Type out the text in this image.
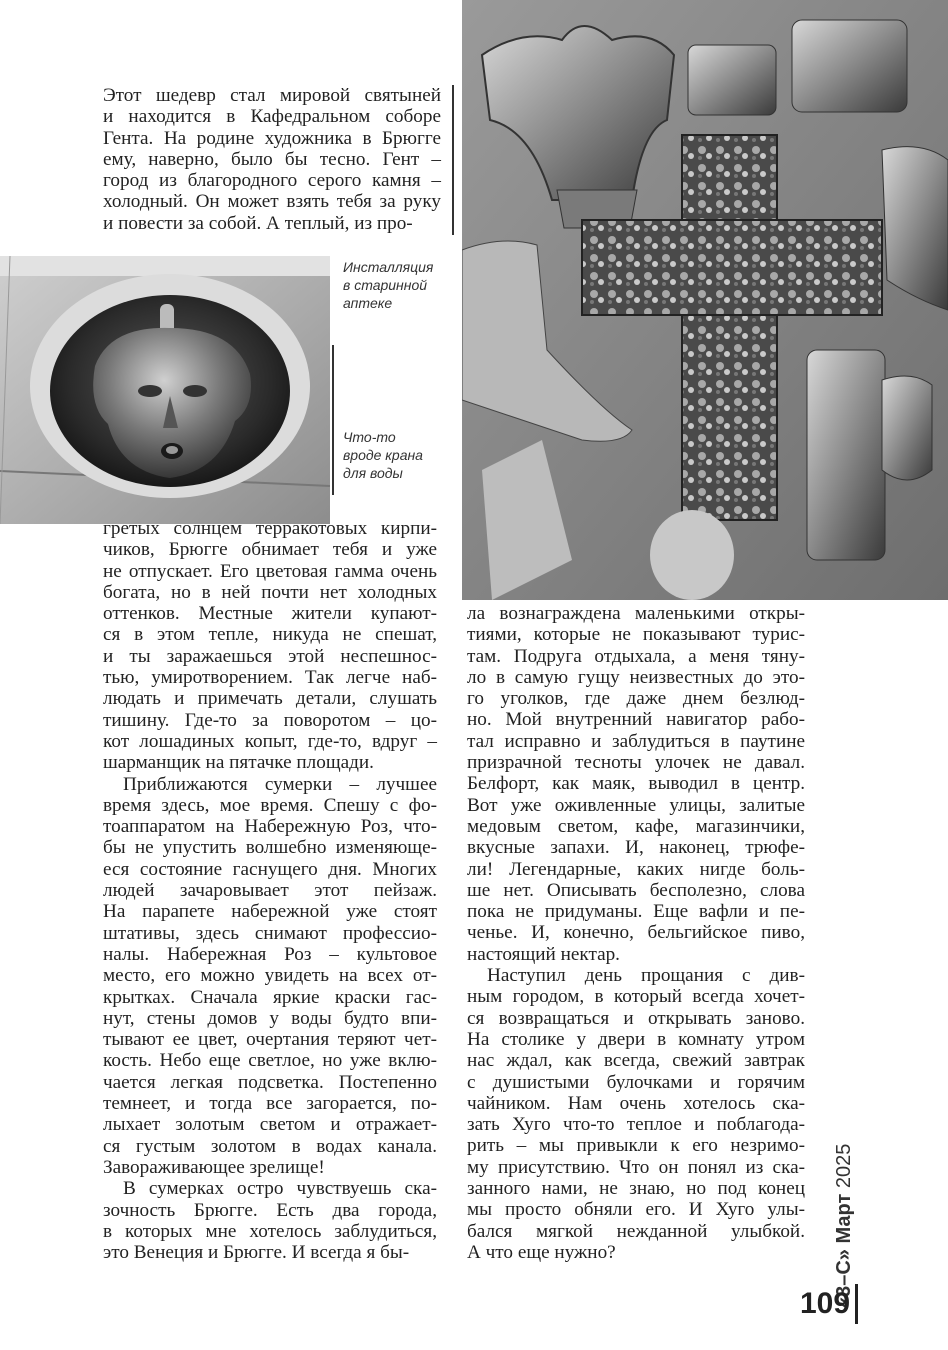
Этот шедевр стал мировой святыней

и находится в Кафедральном соборе

Гента. На родине художника в Брюгге

ему, наверно, было бы тесно. Гент –

город из благородного серого камня –

холодный. Он может взять тебя за руку

и повести за собой. А теплый, из про-

Инсталляция
в старинной
аптеке
Что-то
вроде крана
для воды

гретых солнцем терракотовых кирпи-

чиков, Брюгге обнимает тебя и уже

не отпускает. Его цветовая гамма очень

богата, но в ней почти нет холодных

оттенков. Местные жители купают-

ся в этом тепле, никуда не спешат,

и ты заражаешься этой неспешнос-

тью, умиротворением. Так легче наб-

людать и примечать детали, слушать

тишину. Где-то за поворотом – цо-

кот лошадиных копыт, где-то, вдруг –

шарманщик на пятачке площади.

Приближаются сумерки – лучшее

время здесь, мое время. Спешу с фо-

тоаппаратом на Набережную Роз, что-

бы не упустить волшебно изменяюще-

еся состояние гаснущего дня. Многих

людей зачаровывает этот пейзаж.

На парапете набережной уже стоят

штативы, здесь снимают профессио-

налы. Набережная Роз – культовое

место, его можно увидеть на всех от-

крытках. Сначала яркие краски гас-

нут, стены домов у воды будто впи-

тывают ее цвет, очертания теряют чет-

кость. Небо еще светлое, но уже вклю-

чается легкая подсветка. Постепенно

темнеет, и тогда все загорается, по-

лыхает золотым светом и отражает-

ся густым золотом в водах канала.

Завораживающее зрелище!

В сумерках остро чувствуешь ска-

зочность Брюгге. Есть два города,

в которых мне хотелось заблудиться,

это Венеция и Брюгге. И всегда я бы-

ла вознаграждена маленькими откры-

тиями, которые не показывают турис-

там. Подруга отдыхала, а меня тяну-

ло в самую гущу неизвестных до это-

го уголков, где даже днем безлюд-

но. Мой внутренний навигатор рабо-

тал исправно и заблудиться в паутине

призрачной тесноты улочек не давал.

Белфорт, как маяк, выводил в центр.

Вот уже оживленные улицы, залитые

медовым светом, кафе, магазинчики,

вкусные запахи. И, наконец, трюфе-

ли! Легендарные, каких нигде боль-

ше нет. Описывать бесполезно, слова

пока не придуманы. Еще вафли и пе-

ченье. И, конечно, бельгийское пиво,

настоящий нектар.

Наступил день прощания с див-

ным городом, в который всегда хочет-

ся возвращаться и открывать заново.

На столике у двери в комнату утром

нас ждал, как всегда, свежий завтрак

с душистыми булочками и горячим

чайником. Нам очень хотелось ска-

зать Хуго что-то теплое и поблагода-

рить – мы привыкли к его незримо-

му присутствию. Что он понял из ска-

занного нами, не знаю, но под конец

мы просто обняли его. И Хуго улы-

бался мягкой нежданной улыбкой.

А что еще нужно?	«3–С» Март 2025
109
